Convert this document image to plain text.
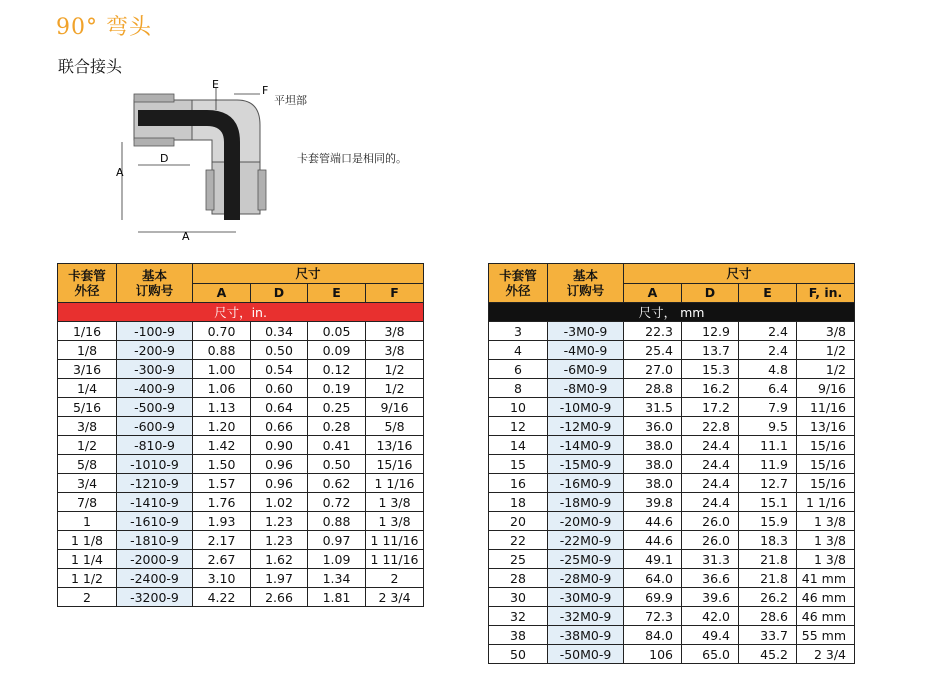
90° 弯头
联合接头
A
A
D
E	F
平坦部
卡套管端口是相同的。
卡套管
外径	基本
订购号	尺寸			
		A	D	E	F
尺寸，in.					
1/16	-100-9	0.70	0.34	0.05	3/8
1/8	-200-9	0.88	0.50	0.09	3/8
3/16	-300-9	1.00	0.54	0.12	1/2
1/4	-400-9	1.06	0.60	0.19	1/2
5/16	-500-9	1.13	0.64	0.25	9/16
3/8	-600-9	1.20	0.66	0.28	5/8
1/2	-810-9	1.42	0.90	0.41	13/16
5/8	-1010-9	1.50	0.96	0.50	15/16
3/4	-1210-9	1.57	0.96	0.62	1 1/16
7/8	-1410-9	1.76	1.02	0.72	1 3/8
1	-1610-9	1.93	1.23	0.88	1 3/8
1 1/8	-1810-9	2.17	1.23	0.97	1 11/16
1 1/4	-2000-9	2.67	1.62	1.09	1 11/16
1 1/2	-2400-9	3.10	1.97	1.34	2
2	-3200-9	4.22	2.66	1.81	2 3/4
卡套管
外径	基本
订购号	尺寸			
		A	D	E	F, in.
尺寸， mm					
3	-3M0-9	22.3	12.9	2.4	3/8
4	-4M0-9	25.4	13.7	2.4	1/2
6	-6M0-9	27.0	15.3	4.8	1/2
8	-8M0-9	28.8	16.2	6.4	9/16
10	-10M0-9	31.5	17.2	7.9	11/16
12	-12M0-9	36.0	22.8	9.5	13/16
14	-14M0-9	38.0	24.4	11.1	15/16
15	-15M0-9	38.0	24.4	11.9	15/16
16	-16M0-9	38.0	24.4	12.7	15/16
18	-18M0-9	39.8	24.4	15.1	1 1/16
20	-20M0-9	44.6	26.0	15.9	1 3/8
22	-22M0-9	44.6	26.0	18.3	1 3/8
25	-25M0-9	49.1	31.3	21.8	1 3/8
28	-28M0-9	64.0	36.6	21.8	41 mm
30	-30M0-9	69.9	39.6	26.2	46 mm
32	-32M0-9	72.3	42.0	28.6	46 mm
38	-38M0-9	84.0	49.4	33.7	55 mm
50	-50M0-9	106	65.0	45.2	2 3/4
